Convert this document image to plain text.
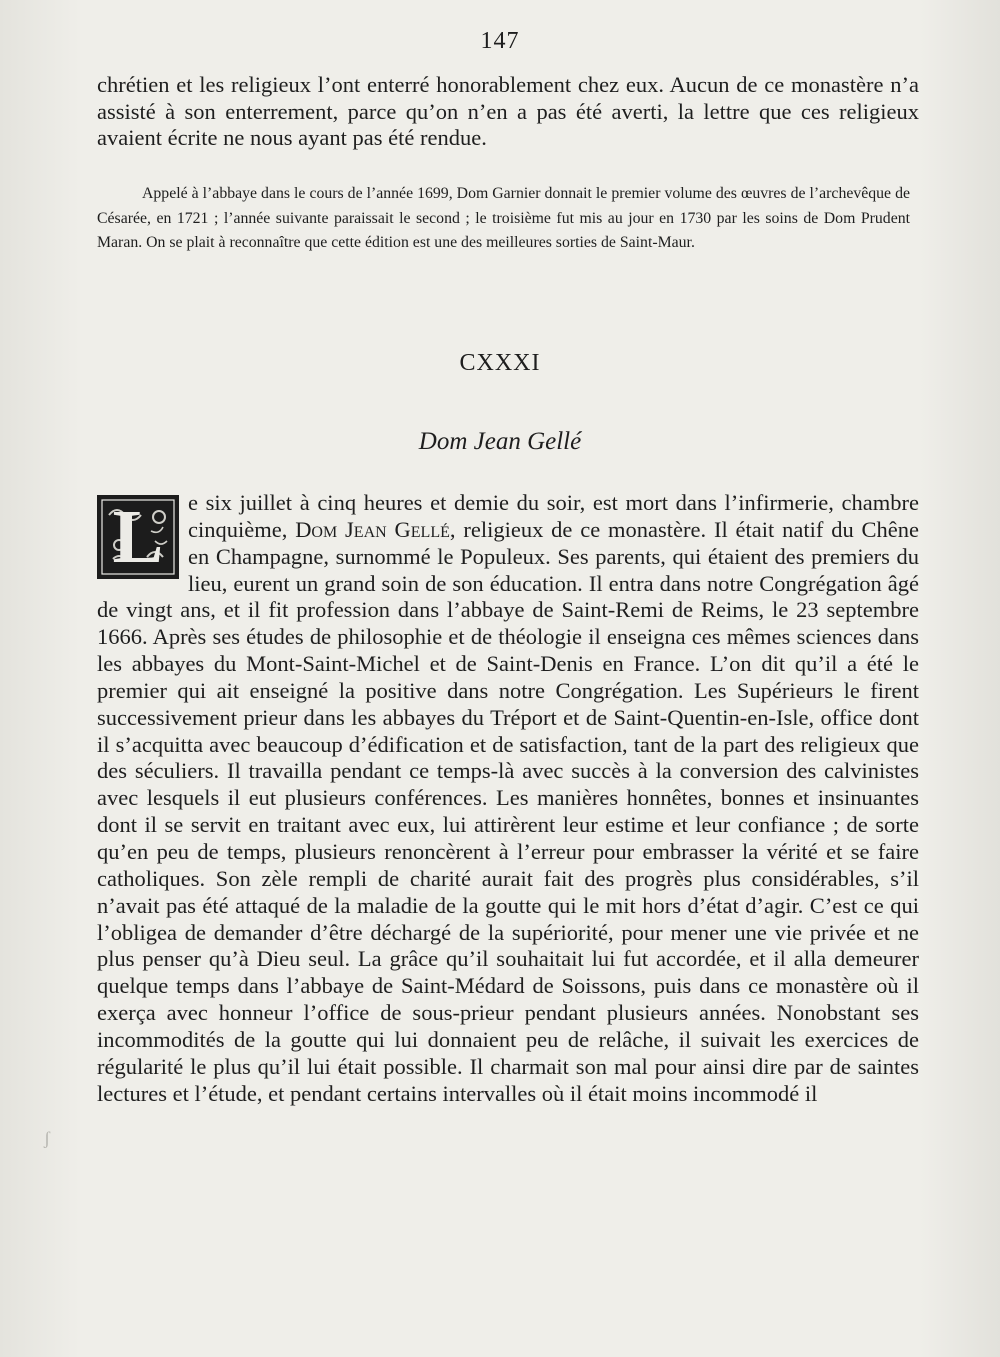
147
chrétien et les religieux l’ont enterré honorablement chez eux. Aucun de ce monastère n’a assisté à son enterrement, parce qu’on n’en a pas été averti, la lettre que ces religieux avaient écrite ne nous ayant pas été rendue.
Appelé à l’abbaye dans le cours de l’année 1699, Dom Garnier donnait le premier volume des œuvres de l’archevêque de Césarée, en 1721 ; l’année suivante paraissait le second ; le troisième fut mis au jour en 1730 par les soins de Dom Prudent Maran. On se plait à reconnaître que cette édition est une des meilleures sorties de Saint-Maur.
CXXXI
Dom Jean Gellé
L	e six juillet à cinq heures et demie du soir, est mort dans l’infirmerie, chambre cinquième, Dom Jean Gellé, religieux de ce monastère. Il était natif du Chêne en Champagne, surnommé le Populeux. Ses parents, qui étaient des premiers du lieu, eurent un grand soin de son éducation. Il entra dans notre Congrégation âgé de vingt ans, et il fit profession dans l’abbaye de Saint-Remi de Reims, le 23 septembre 1666. Après ses études de philosophie et de théologie il enseigna ces mêmes sciences dans les abbayes du Mont-Saint-Michel et de Saint-Denis en France. L’on dit qu’il a été le premier qui ait enseigné la positive dans notre Congrégation. Les Supérieurs le firent successivement prieur dans les abbayes du Tréport et de Saint-Quentin-en-Isle, office dont il s’acquitta avec beaucoup d’édification et de satisfaction, tant de la part des religieux que des séculiers. Il travailla pendant ce temps-là avec succès à la conversion des calvinistes avec lesquels il eut plusieurs conférences. Les manières honnêtes, bonnes et insinuantes dont il se servit en traitant avec eux, lui attirèrent leur estime et leur confiance ; de sorte qu’en peu de temps, plusieurs renoncèrent à l’erreur pour embrasser la vérité et se faire catholiques. Son zèle rempli de charité aurait fait des progrès plus considérables, s’il n’avait pas été attaqué de la maladie de la goutte qui le mit hors d’état d’agir. C’est ce qui l’obligea de demander d’être déchargé de la supériorité, pour mener une vie privée et ne plus penser qu’à Dieu seul. La grâce qu’il souhaitait lui fut accordée, et il alla demeurer quelque temps dans l’abbaye de Saint-Médard de Soissons, puis dans ce monastère où il exerça avec honneur l’office de sous-prieur pendant plusieurs années. Nonobstant ses incommodités de la goutte qui lui donnaient peu de relâche, il suivait les exercices de régularité le plus qu’il lui était possible. Il charmait son mal pour ainsi dire par de saintes lectures et l’étude, et pendant certains intervalles où il était moins incommodé il
ʃ
